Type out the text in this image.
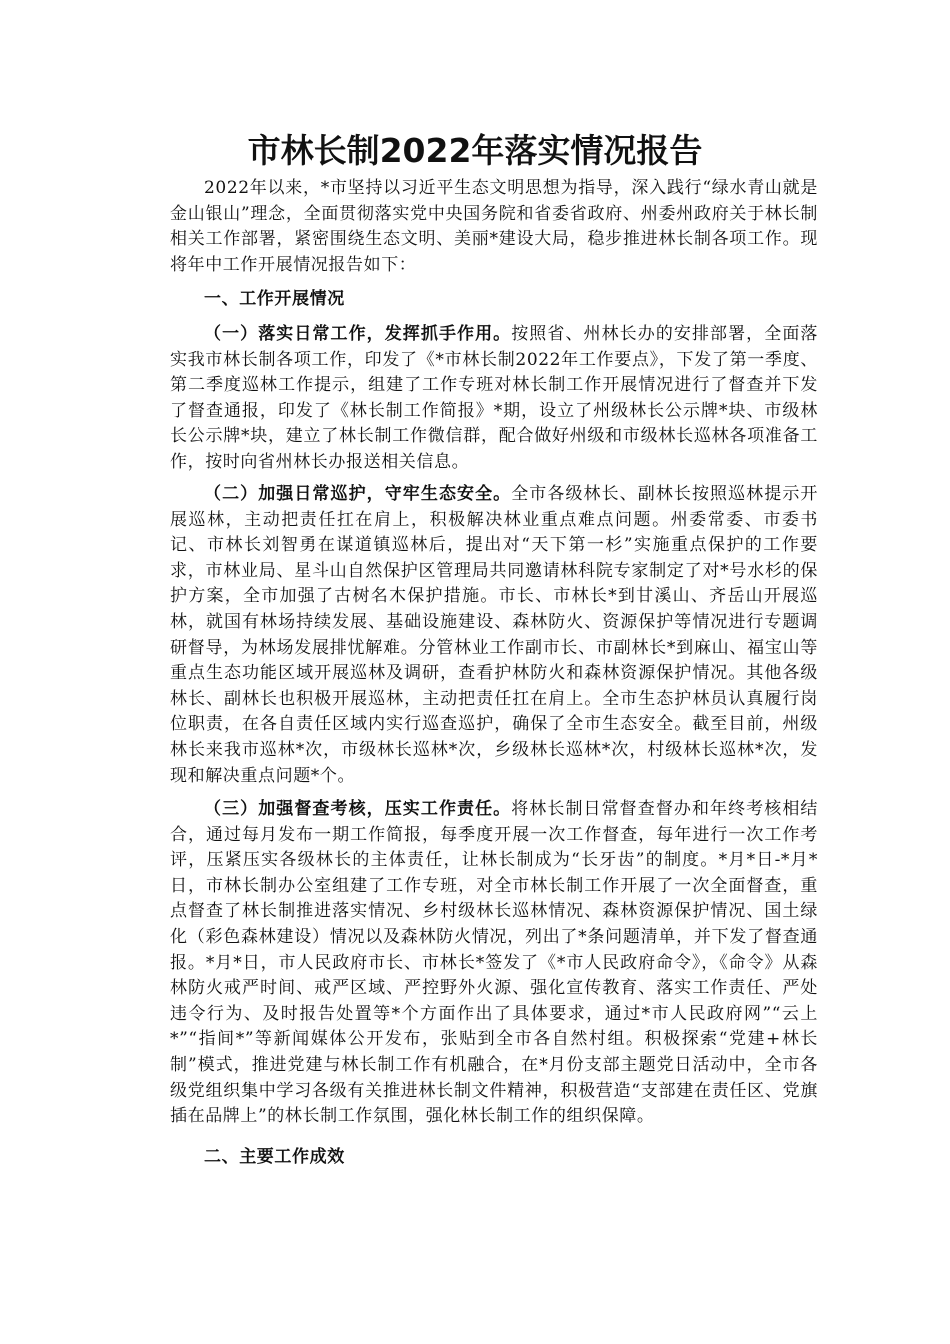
市林长制2022年落实情况报告

2022年以来，*市坚持以习近平生态文明思想为指导，深入践行“绿水青山就是金山银山”理念，全面贯彻落实党中央国务院和省委省政府、州委州政府关于林长制相关工作部署，紧密围绕生态文明、美丽*建设大局，稳步推进林长制各项工作。现将年中工作开展情况报告如下：

一、工作开展情况

（一）落实日常工作，发挥抓手作用。按照省、州林长办的安排部署，全面落实我市林长制各项工作，印发了《*市林长制2022年工作要点》，下发了第一季度、第二季度巡林工作提示，组建了工作专班对林长制工作开展情况进行了督查并下发了督查通报，印发了《林长制工作简报》*期，设立了州级林长公示牌*块、市级林长公示牌*块，建立了林长制工作微信群，配合做好州级和市级林长巡林各项准备工作，按时向省州林长办报送相关信息。

（二）加强日常巡护，守牢生态安全。全市各级林长、副林长按照巡林提示开展巡林，主动把责任扛在肩上，积极解决林业重点难点问题。州委常委、市委书记、市林长刘智勇在谋道镇巡林后，提出对“天下第一杉”实施重点保护的工作要求，市林业局、星斗山自然保护区管理局共同邀请林科院专家制定了对*号水杉的保护方案，全市加强了古树名木保护措施。市长、市林长*到甘溪山、齐岳山开展巡林，就国有林场持续发展、基础设施建设、森林防火、资源保护等情况进行专题调研督导，为林场发展排忧解难。分管林业工作副市长、市副林长*到麻山、福宝山等重点生态功能区域开展巡林及调研，查看护林防火和森林资源保护情况。其他各级林长、副林长也积极开展巡林，主动把责任扛在肩上。全市生态护林员认真履行岗位职责，在各自责任区域内实行巡查巡护，确保了全市生态安全。截至目前，州级林长来我市巡林*次，市级林长巡林*次，乡级林长巡林*次，村级林长巡林*次，发现和解决重点问题*个。

（三）加强督查考核，压实工作责任。将林长制日常督查督办和年终考核相结合，通过每月发布一期工作简报，每季度开展一次工作督查，每年进行一次工作考评，压紧压实各级林长的主体责任，让林长制成为“长牙齿”的制度。*月*日-*月*日，市林长制办公室组建了工作专班，对全市林长制工作开展了一次全面督查，重点督查了林长制推进落实情况、乡村级林长巡林情况、森林资源保护情况、国土绿化（彩色森林建设）情况以及森林防火情况，列出了*条问题清单，并下发了督查通报。*月*日，市人民政府市长、市林长*签发了《*市人民政府命令》，《命令》从森林防火戒严时间、戒严区域、严控野外火源、强化宣传教育、落实工作责任、严处违令行为、及时报告处置等*个方面作出了具体要求，通过*市人民政府网”“云上*”“指间*”等新闻媒体公开发布，张贴到全市各自然村组。积极探索“党建+林长制”模式，推进党建与林长制工作有机融合，在*月份支部主题党日活动中，全市各级党组织集中学习各级有关推进林长制文件精神，积极营造“支部建在责任区、党旗插在品牌上”的林长制工作氛围，强化林长制工作的组织保障。

二、主要工作成效
